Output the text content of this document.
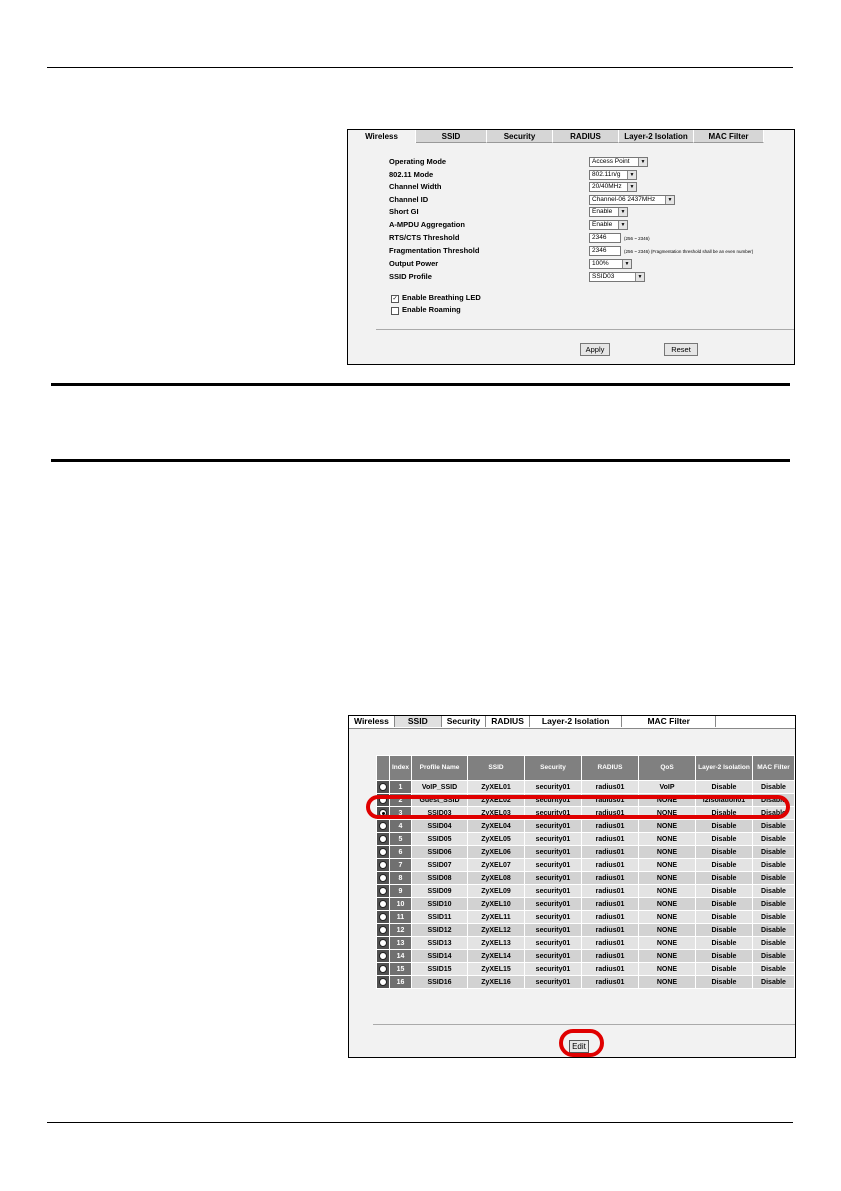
Wireless	SSID	Security	RADIUS	Layer-2 Isolation	MAC Filter
Operating Mode	Access Point	▼
802.11 Mode	802.11n/g	▼
Channel Width	20/40MHz	▼
Channel ID	Channel-06 2437MHz	▼
Short GI	Enable	▼
A-MPDU Aggregation	Enable	▼
RTS/CTS Threshold	2346	(256 ~ 2346)
Fragmentation Threshold	2346	(256 ~ 2346) (Fragmentation threshold shall be an even number)
Output Power	100%	▼
SSID Profile	SSID03	▼
✓ Enable Breathing LED
Enable Roaming
Apply	Reset
Wireless	SSID	Security	RADIUS	Layer-2 Isolation	MAC Filter
	Index	Profile Name	SSID	Security	RADIUS	QoS	Layer-2 Isolation	MAC Filter
	1	VoIP_SSID	ZyXEL01	security01	radius01	VoIP	Disable	Disable
	2	Guest_SSID	ZyXEL02	security01	radius01	NONE	l2isolation01	Disable
	3	SSID03	ZyXEL03	security01	radius01	NONE	Disable	Disable
	4	SSID04	ZyXEL04	security01	radius01	NONE	Disable	Disable
	5	SSID05	ZyXEL05	security01	radius01	NONE	Disable	Disable
	6	SSID06	ZyXEL06	security01	radius01	NONE	Disable	Disable
	7	SSID07	ZyXEL07	security01	radius01	NONE	Disable	Disable
	8	SSID08	ZyXEL08	security01	radius01	NONE	Disable	Disable
	9	SSID09	ZyXEL09	security01	radius01	NONE	Disable	Disable
	10	SSID10	ZyXEL10	security01	radius01	NONE	Disable	Disable
	11	SSID11	ZyXEL11	security01	radius01	NONE	Disable	Disable
	12	SSID12	ZyXEL12	security01	radius01	NONE	Disable	Disable
	13	SSID13	ZyXEL13	security01	radius01	NONE	Disable	Disable
	14	SSID14	ZyXEL14	security01	radius01	NONE	Disable	Disable
	15	SSID15	ZyXEL15	security01	radius01	NONE	Disable	Disable
	16	SSID16	ZyXEL16	security01	radius01	NONE	Disable	Disable
Edit
